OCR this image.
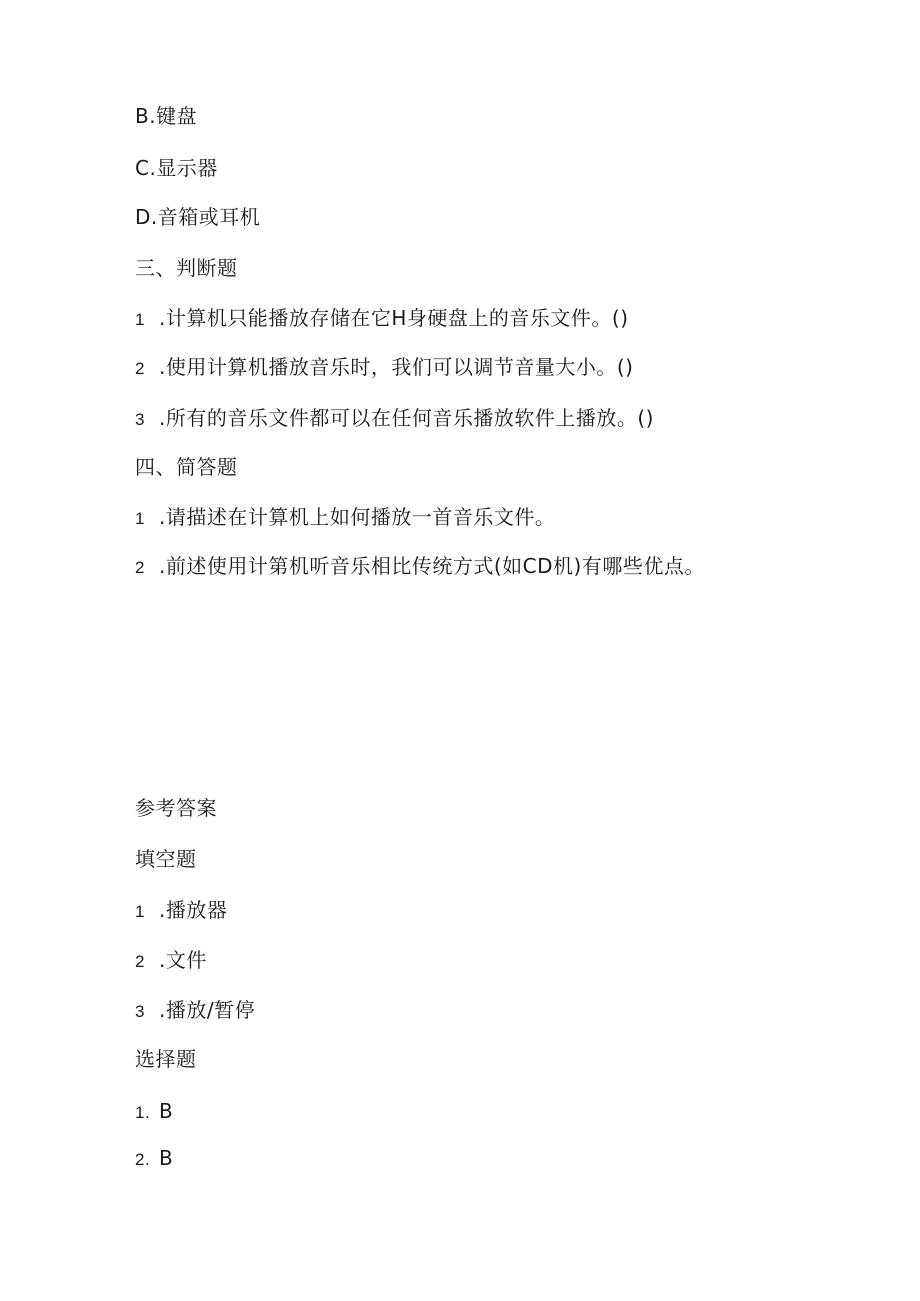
B.键盘
C.显示器
D.音箱或耳机
三、判断题
1 .计算机只能播放存储在它H身硬盘上的音乐文件。()
2 .使用计算机播放音乐时，我们可以调节音量大小。()
3 .所有的音乐文件都可以在任何音乐播放软件上播放。()
四、简答题
1 .请描述在计算机上如何播放一首音乐文件。
2 .前述使用计第机听音乐相比传统方式(如CD机)有哪些优点。
参考答案
填空题
1 .播放器
2 .文件
3 .播放/暂停
选择题
1. B
2. B
